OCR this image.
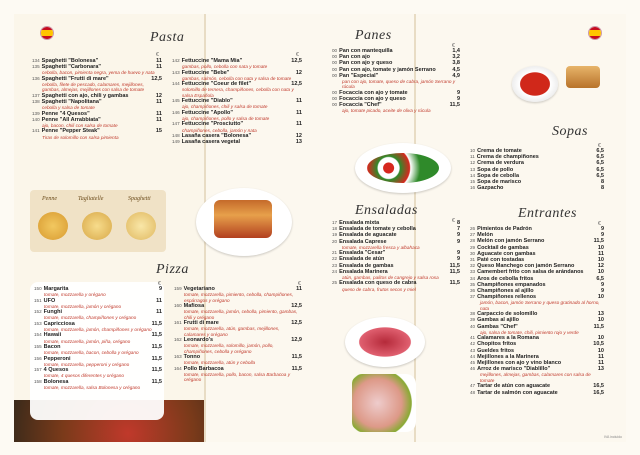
Pasta
€	€
134 Spaghetti "Bolonesa"	11
135 Spaghetti "Carbonara"	11
cebolla, bacon, pimienta negra, yema de huevo y nata
136 Spaghetti "Frutti di mare"	12,5
cebolla, filete de pescado, calamares, mejillones, gambas, almejas, mejillones con salsa de tomate
137 Spaghetti con ajo, chili y gambas	12
138 Spaghetti "Napolitana"	11
cebolla y salsa de tomate
139 Penne "4 Quesos"	11
140 Penne "All Arrabbiata"	11
ajo, bacon, chili con salsa de tomate
141 Penne "Pepper Steak"	15
Tiras de solomillo con salsa pimienta
142 Fettuccine "Mama Mia"	12,5
gambas, pollo, cebolla con nata y tomate
143 Fettuccine "Bebe"	12
gambas, salmón, cebolla con nata y salsa de tomate
144 Fettuccine "Coeur de filet"	12,5
solomillo de ternera, champiñones, cebolla con nata y salsa Española
145 Fettuccine "Diablo"	11
ajo, champiñones, chili y salsa de tomate
146 Fettuccine "Apollo"	11
ajo, champiñones, pollo y salsa de tomate
147 Fettuccine "Prosciutto"	11
champiñones, cebolla, jamón y nata
148 Lasaña casera "Bolonesa"	12
149 Lasaña casera vegetal	13
Penne	Tagliatelle	Spaghetti
Pizza
€	€
150 Margarita	9
tomate, mozzarella y orégano
151 UFO	11
tomate, mozzarella, jamón y orégano
152 Funghi	11
tomate, mozzarella, champiñones y orégano
153 Capricciosa	11,5
tomate, mozzarella, jamón, champiñones y orégano
154 Hawaii	11,5
tomate, mozzarella, jamón, piña, orégano
155 Bacon	11,5
tomate, mozzarella, bacon, cebolla y orégano
156 Pepperoni	11,5
tomate, mozzarella, pepperoni y orégano
157 4 Quesos	11,5
tomate, 4 quesos diferentes y orégano
158 Bolonesa	11,5
tomate, mozzarella, salsa Bolonesa y orégano
159 Vegetariano	11
tomate, mozzarella, pimiento, cebolla, champiñones, espárragos y orégano
160 Mafiosa	12,5
tomate, mozzarella, jamón, cebolla, pimiento, gambas, chili y orégano
161 Frutti di mare	12,5
tomate, mozzarella, atún, gambas, mejillones, calamares y orégano
162 Leonardo's	12,9
tomate, mozzarella, solomillo, jamón, pollo, champiñones, cebolla y orégano
163 Tonno	11,5
tomate, mozzarella, atún y cebolla
164 Pollo Barbacoa	11,5
tomate, mozzarella, pollo, bacon, salsa Barbacoa y orégano
Panes
€
00 Pan con mantequilla	1,4
00 Pan con ajo	3,2
00 Pan con ajo y queso	3,8
00 Pan con ajo, tomate y jamón Serrano	4,5
00 Pan "Especial"	4,9
pan con ajo, tomate, queso de cabra, jamón Serrano y rúcula
00 Focaccia con ajo y tomate	9
00 Focaccia con ajo y queso	9
00 Focaccia "Chef"	11,5
ajo, tomate picado, aceite de oliva y rúcula
Ensaladas
€
17 Ensalada mixta	8
18 Ensalada de tomate y cebolla	7
19 Ensalada de aguacate	9
20 Ensalada Caprese	9
tomate, mozzarella fresca y albahaca
21 Ensalada "Cesar"	9
22 Ensalada de atún	9
23 Ensalada de gambas	11,5
24 Ensalada Marinera	11,5
atún, gambas, palitos de cangrejo y salsa rosa
25 Ensalada con queso de cabra	11,5
queso de cabra, frutos secos y miel
Sopas
€
10 Crema de tomate	6,5
11 Crema de champiñones	6,5
12 Crema de verdura	6,5
13 Sopa de pollo	6,5
14 Sopa de cebolla	6,5
15 Sopa de marisco	8
16 Gazpacho	8
Entrantes
€
26 Pimientos de Padrón	9
27 Melón	9
28 Melón con jamón Serrano	11,5
29 Cocktail de gambas	10
30 Aguacate con gambas	11
31 Paté con tostadas	10
32 Queso Manchego con jamón Serrano	12
33 Camembert frito con salsa de arándanos	10
34 Aros de cebolla fritos	6,5
35 Champiñones empanados	9
36 Champiñones al ajillo	9
37 Champiñones rellenos	10
jamón, bacon, jamón Serrano y queso gratinado al horno, nata
38 Carpaccio de solomillo	13
39 Gambas al ajillo	10
40 Gambas "Chef"	11,5
ajo, salsa de tomate, chili, pimiento rojo y verde
41 Calamares a la Romana	10
42 Chopitos fritos	10,5
43 Gueldes fritos	10
44 Mejillones a la Marinera	11
45 Mejillones con ajo y vino blanco	11
46 Arroz de marisco "Diablillo"	13
mejillones, almejas, gambas, calamares con salsa de tomate
47 Tartar de atún con aguacate	16,5
48 Tartar de salmón con aguacate	16,5
IVA incluido
